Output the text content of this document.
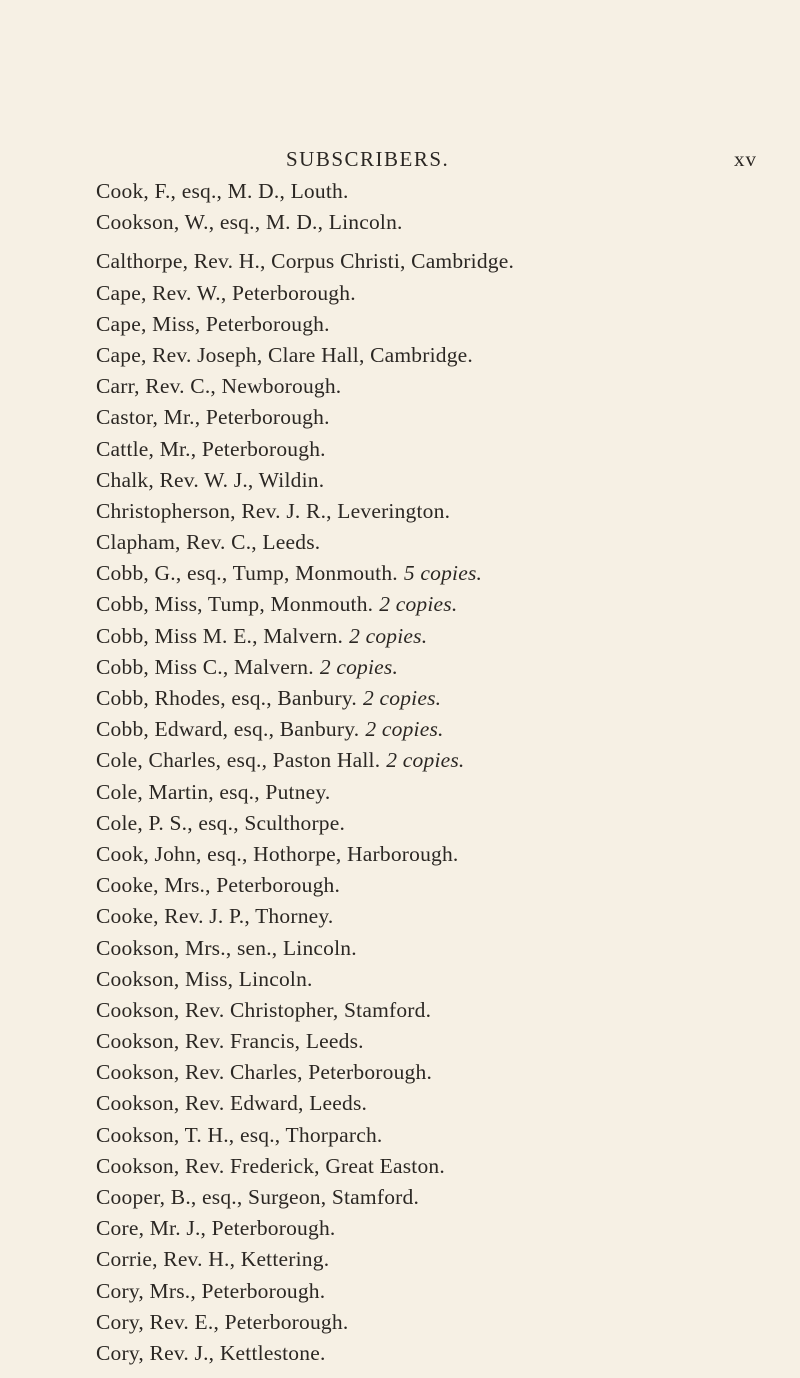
SUBSCRIBERS.	xv
Cook, F., esq., M. D., Louth.
Cookson, W., esq., M. D., Lincoln.
Calthorpe, Rev. H., Corpus Christi, Cambridge.
Cape, Rev. W., Peterborough.
Cape, Miss, Peterborough.
Cape, Rev. Joseph, Clare Hall, Cambridge.
Carr, Rev. C., Newborough.
Castor, Mr., Peterborough.
Cattle, Mr., Peterborough.
Chalk, Rev. W. J., Wildin.
Christopherson, Rev. J. R., Leverington.
Clapham, Rev. C., Leeds.
Cobb, G., esq., Tump, Monmouth. 5 copies.
Cobb, Miss, Tump, Monmouth. 2 copies.
Cobb, Miss M. E., Malvern. 2 copies.
Cobb, Miss C., Malvern. 2 copies.
Cobb, Rhodes, esq., Banbury. 2 copies.
Cobb, Edward, esq., Banbury. 2 copies.
Cole, Charles, esq., Paston Hall. 2 copies.
Cole, Martin, esq., Putney.
Cole, P. S., esq., Sculthorpe.
Cook, John, esq., Hothorpe, Harborough.
Cooke, Mrs., Peterborough.
Cooke, Rev. J. P., Thorney.
Cookson, Mrs., sen., Lincoln.
Cookson, Miss, Lincoln.
Cookson, Rev. Christopher, Stamford.
Cookson, Rev. Francis, Leeds.
Cookson, Rev. Charles, Peterborough.
Cookson, Rev. Edward, Leeds.
Cookson, T. H., esq., Thorparch.
Cookson, Rev. Frederick, Great Easton.
Cooper, B., esq., Surgeon, Stamford.
Core, Mr. J., Peterborough.
Corrie, Rev. H., Kettering.
Cory, Mrs., Peterborough.
Cory, Rev. E., Peterborough.
Cory, Rev. J., Kettlestone.
